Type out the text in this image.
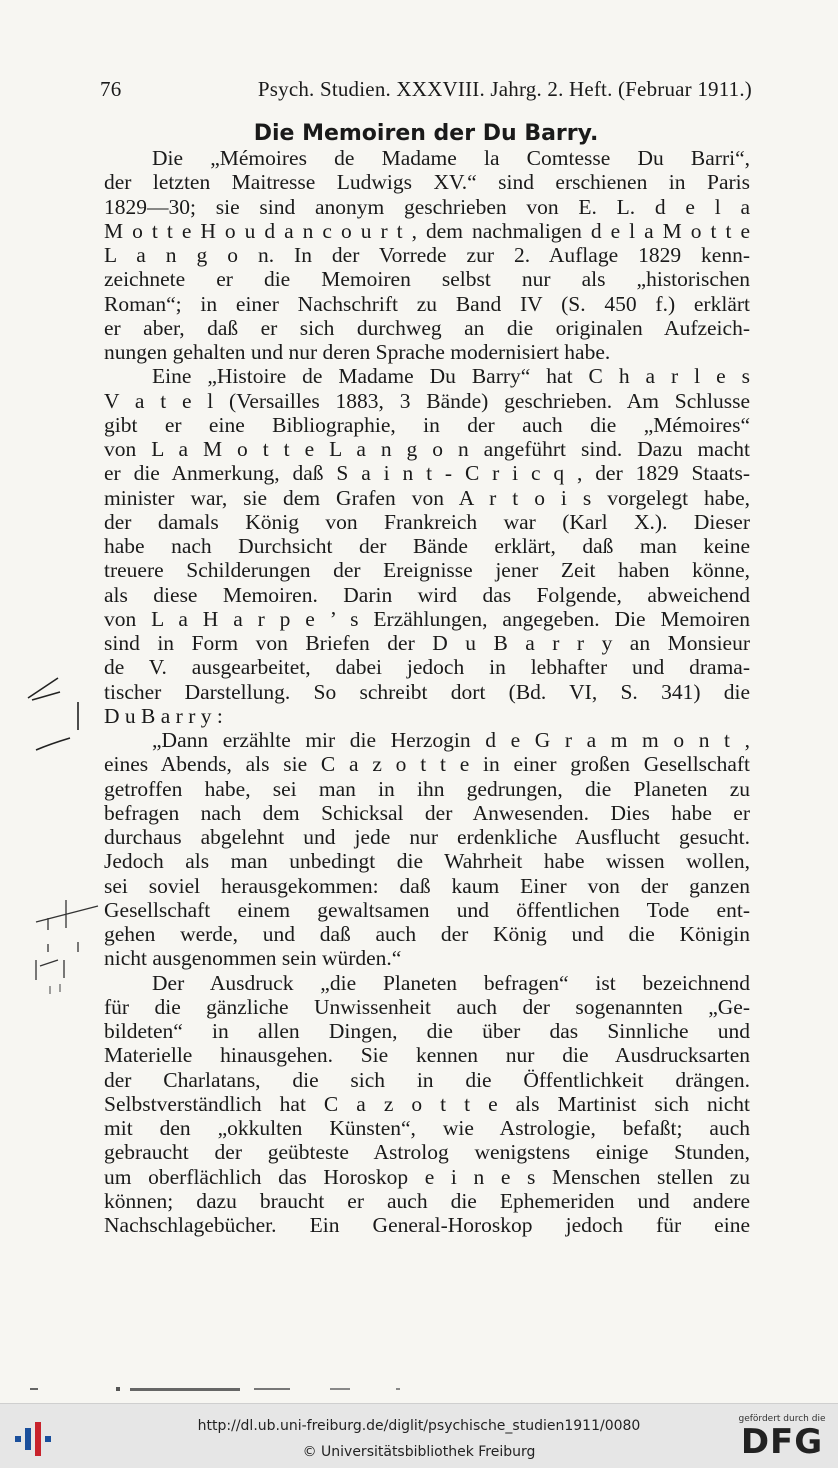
76	Psych. Studien. XXXVIII. Jahrg. 2. Heft. (Februar 1911.)
Die Memoiren der Du Barry.
Die „Mémoires de Madame la Comtesse Du Barri“,
der letzten Maitresse Ludwigs XV.“ sind erschienen in Paris
1829—30; sie sind anonym geschrieben von E. L. d e l a
M o t t e H o u d a n c o u r t , dem nachmaligen d e l a M o t t e
L a n g o n. In der Vorrede zur 2. Auflage 1829 kenn-
zeichnete er die Memoiren selbst nur als „historischen
Roman“; in einer Nachschrift zu Band IV (S. 450 f.) erklärt
er aber, daß er sich durchweg an die originalen Aufzeich-
nungen gehalten und nur deren Sprache modernisiert habe.
Eine „Histoire de Madame Du Barry“ hat C h a r l e s
V a t e l (Versailles 1883, 3 Bände) geschrieben. Am Schlusse
gibt er eine Bibliographie, in der auch die „Mémoires“
von L a M o t t e L a n g o n angeführt sind. Dazu macht
er die Anmerkung, daß S a i n t - C r i c q , der 1829 Staats-
minister war, sie dem Grafen von A r t o i s vorgelegt habe,
der damals König von Frankreich war (Karl X.). Dieser
habe nach Durchsicht der Bände erklärt, daß man keine
treuere Schilderungen der Ereignisse jener Zeit haben könne,
als diese Memoiren. Darin wird das Folgende, abweichend
von L a H a r p e ’ s Erzählungen, angegeben. Die Memoiren
sind in Form von Briefen der D u B a r r y an Monsieur
de V. ausgearbeitet, dabei jedoch in lebhafter und drama-
tischer Darstellung. So schreibt dort (Bd. VI, S. 341) die
D u B a r r y :
„Dann erzählte mir die Herzogin d e G r a m m o n t ,
eines Abends, als sie C a z o t t e in einer großen Gesellschaft
getroffen habe, sei man in ihn gedrungen, die Planeten zu
befragen nach dem Schicksal der Anwesenden. Dies habe er
durchaus abgelehnt und jede nur erdenkliche Ausflucht gesucht.
Jedoch als man unbedingt die Wahrheit habe wissen wollen,
sei soviel herausgekommen: daß kaum Einer von der ganzen
Gesellschaft einem gewaltsamen und öffentlichen Tode ent-
gehen werde, und daß auch der König und die Königin
nicht ausgenommen sein würden.“
Der Ausdruck „die Planeten befragen“ ist bezeichnend
für die gänzliche Unwissenheit auch der sogenannten „Ge-
bildeten“ in allen Dingen, die über das Sinnliche und
Materielle hinausgehen. Sie kennen nur die Ausdrucksarten
der Charlatans, die sich in die Öffentlichkeit drängen.
Selbstverständlich hat C a z o t t e als Martinist sich nicht
mit den „okkulten Künsten“, wie Astrologie, befaßt; auch
gebraucht der geübteste Astrolog wenigstens einige Stunden,
um oberflächlich das Horoskop e i n e s Menschen stellen zu
können; dazu braucht er auch die Ephemeriden und andere
Nachschlagebücher. Ein General-Horoskop jedoch für eine
http://dl.ub.uni-freiburg.de/diglit/psychische_studien1911/0080
© Universitätsbibliothek Freiburg
gefördert durch die
DFG
